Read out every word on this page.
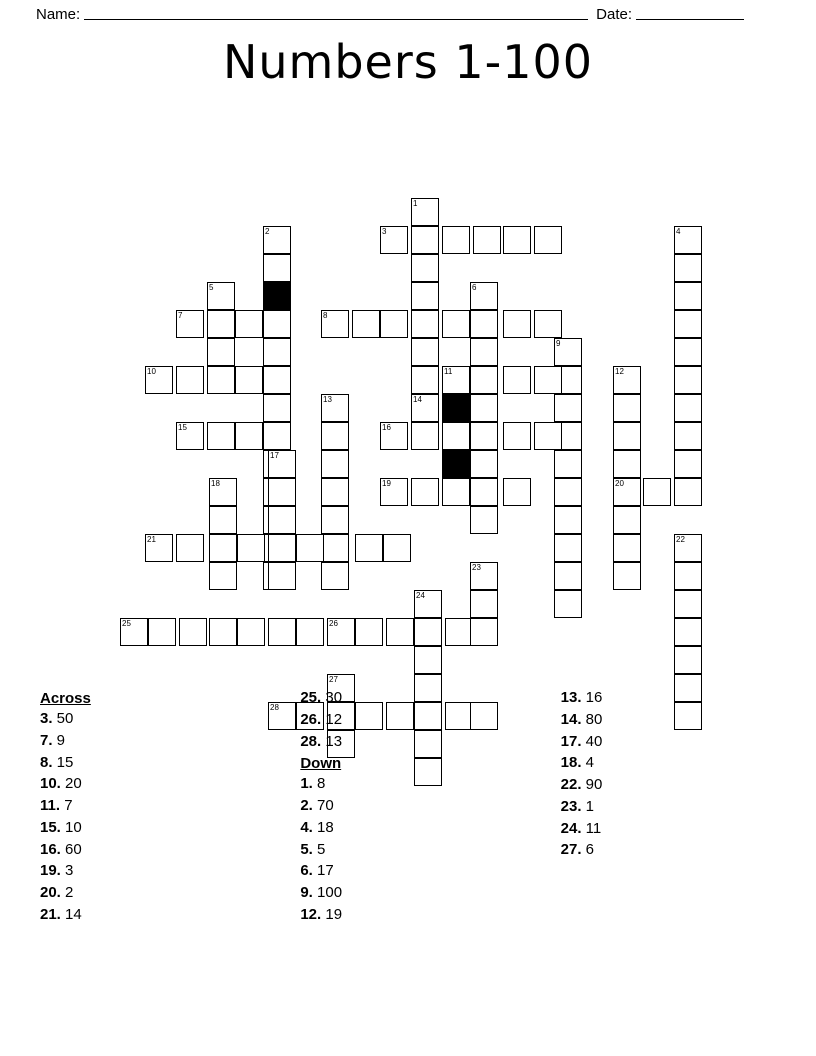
Name:	Date:
Numbers 1-100
1
2	3	4
5	6
7	8
9
10	11	12
20
13	14
15	16
17
18	19
21	22
23
24
25	26
27
28
Across
3. 50
7. 9
8. 15
10. 20
11. 7
15. 10
16. 60
19. 3
20. 2
21. 14
25. 30
26. 12
28. 13
Down
1. 8
2. 70
4. 18
5. 5
6. 17
9. 100
12. 19
13. 16
14. 80
17. 40
18. 4
22. 90
23. 1
24. 11
27. 6
